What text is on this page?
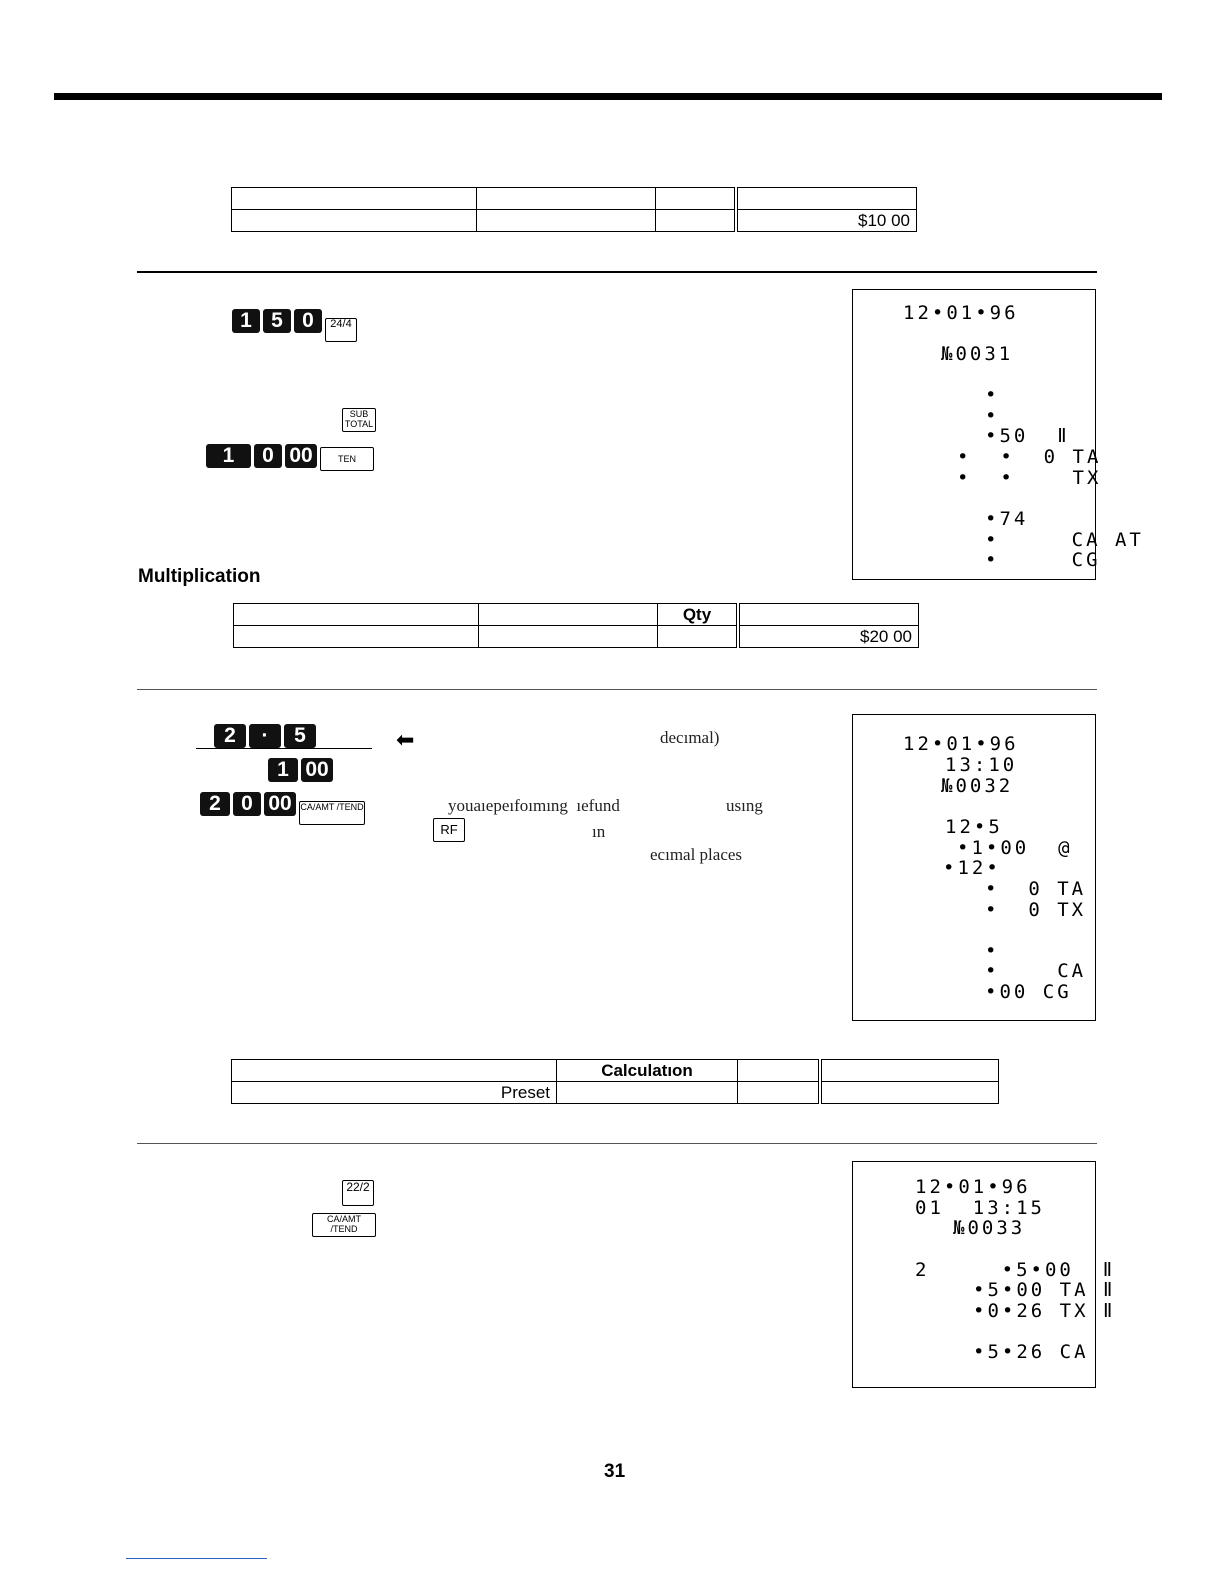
			$10 00
1 5 0 24/4
SUB TOTAL
1 0 00	TEN
12•01•96
№0031
•
•
•50  Ⅱ
•  •  0 TA
•  •    TX
•74
•     CA AT
•     CG
Multiplication
		Qty	
			$20 00
2 · 5	⬅
1 00
2 0 00 CA/AMT /TEND
RF
decımal)
youaıepeıfoımıng  ıefund	usıng
ın
ecımal places
12•01•96
13:10
№0032
12•5
•1•00  @
•12•
•  0 TA
•  0 TX
•
•    CA
•00 CG
	Calculatıon		
Preset			
22/2
CA/AMT /TEND
12•01•96
01  13:15
№0033
2     •5•00  Ⅱ
•5•00 TA Ⅱ
•0•26 TX Ⅱ
•5•26 CA
31
